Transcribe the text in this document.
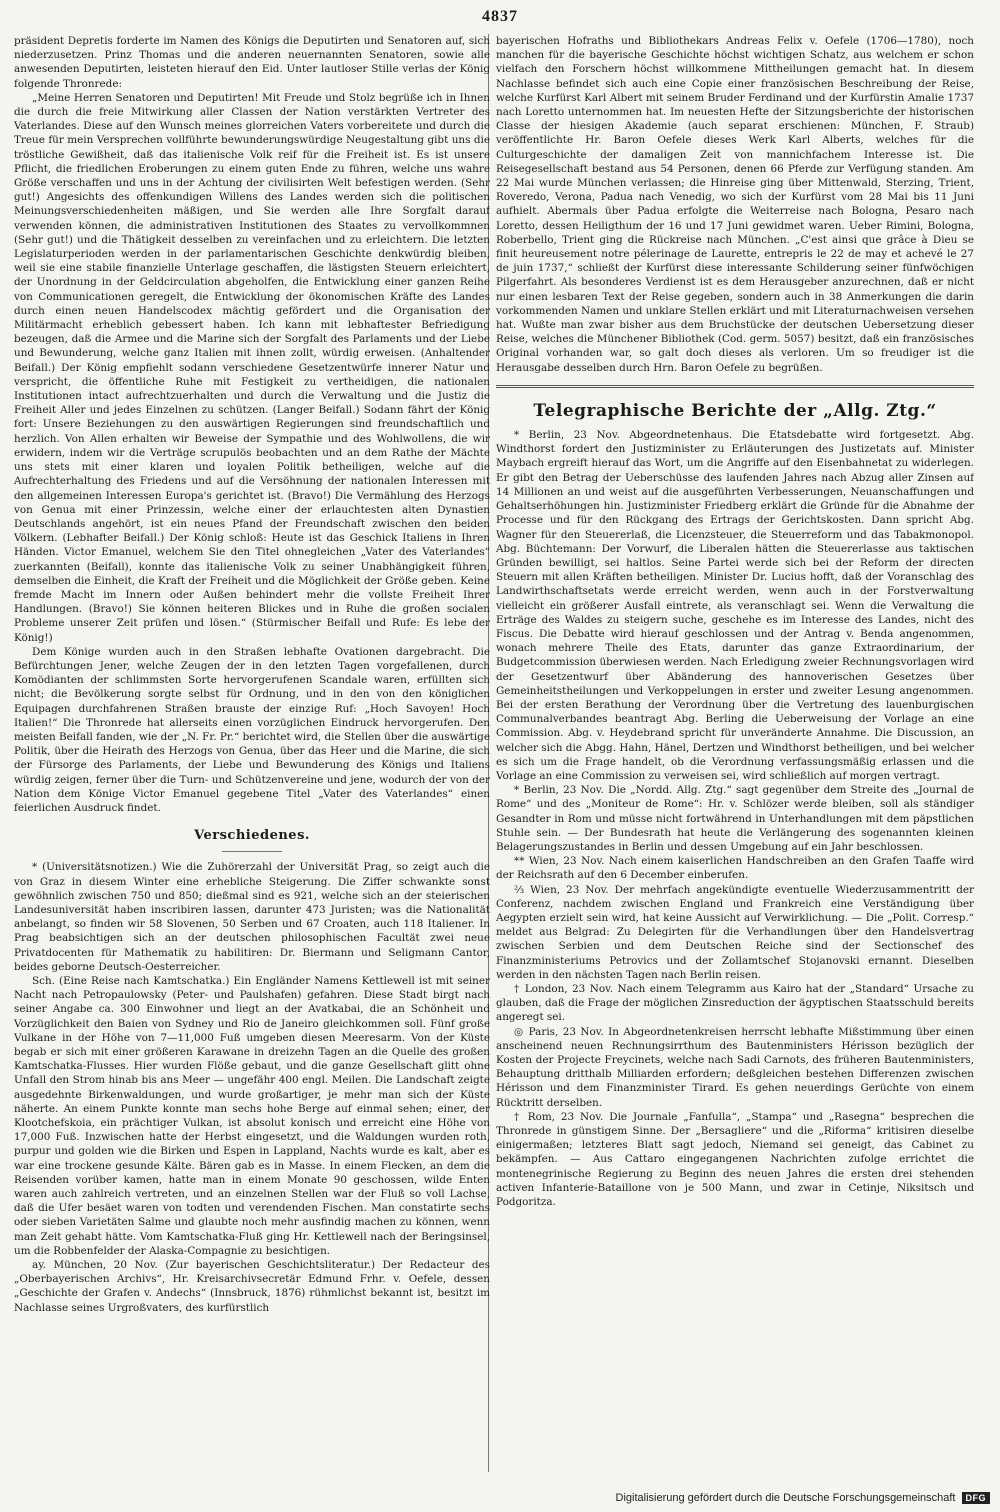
4837

präsident Depretis forderte im Namen des Königs die Deputirten und Senatoren auf, sich niederzusetzen. Prinz Thomas und die anderen neuernannten Senatoren, sowie alle anwesenden Deputirten, leisteten hierauf den Eid. Unter lautloser Stille verlas der König folgende Thronrede:

„Meine Herren Senatoren und Deputirten! Mit Freude und Stolz begrüße ich in Ihnen die durch die freie Mitwirkung aller Classen der Nation verstärkten Vertreter des Vaterlandes. Diese auf den Wunsch meines glorreichen Vaters vorbereitete und durch die Treue für mein Versprechen vollführte bewunderungswürdige Neugestaltung gibt uns die tröstliche Gewißheit, daß das italienische Volk reif für die Freiheit ist. Es ist unsere Pflicht, die friedlichen Eroberungen zu einem guten Ende zu führen, welche uns wahre Größe verschaffen und uns in der Achtung der civilisirten Welt befestigen werden. (Sehr gut!) Angesichts des offenkundigen Willens des Landes werden sich die politischen Meinungsverschiedenheiten mäßigen, und Sie werden alle Ihre Sorgfalt darauf verwenden können, die administrativen Institutionen des Staates zu vervollkommnen (Sehr gut!) und die Thätigkeit desselben zu vereinfachen und zu erleichtern. Die letzten Legislaturperioden werden in der parlamentarischen Geschichte denkwürdig bleiben, weil sie eine stabile finanzielle Unterlage geschaffen, die lästigsten Steuern erleichtert, der Unordnung in der Geldcirculation abgeholfen, die Entwicklung einer ganzen Reihe von Communicationen geregelt, die Entwicklung der ökonomischen Kräfte des Landes durch einen neuen Handelscodex mächtig gefördert und die Organisation der Militärmacht erheblich gebessert haben. Ich kann mit lebhaftester Befriedigung bezeugen, daß die Armee und die Marine sich der Sorgfalt des Parlaments und der Liebe und Bewunderung, welche ganz Italien mit ihnen zollt, würdig erweisen. (Anhaltender Beifall.) Der König empfiehlt sodann verschiedene Gesetzentwürfe innerer Natur und verspricht, die öffentliche Ruhe mit Festigkeit zu vertheidigen, die nationalen Institutionen intact aufrechtzuerhalten und durch die Verwaltung und die Justiz die Freiheit Aller und jedes Einzelnen zu schützen. (Langer Beifall.) Sodann fährt der König fort: Unsere Beziehungen zu den auswärtigen Regierungen sind freundschaftlich und herzlich. Von Allen erhalten wir Beweise der Sympathie und des Wohlwollens, die wir erwidern, indem wir die Verträge scrupulös beobachten und an dem Rathe der Mächte uns stets mit einer klaren und loyalen Politik betheiligen, welche auf die Aufrechterhaltung des Friedens und auf die Versöhnung der nationalen Interessen mit den allgemeinen Interessen Europa's gerichtet ist. (Bravo!) Die Vermählung des Herzogs von Genua mit einer Prinzessin, welche einer der erlauchtesten alten Dynastien Deutschlands angehört, ist ein neues Pfand der Freundschaft zwischen den beiden Völkern. (Lebhafter Beifall.) Der König schloß: Heute ist das Geschick Italiens in Ihren Händen. Victor Emanuel, welchem Sie den Titel ohnegleichen „Vater des Vaterlandes“ zuerkannten (Beifall), konnte das italienische Volk zu seiner Unabhängigkeit führen, demselben die Einheit, die Kraft der Freiheit und die Möglichkeit der Größe geben. Keine fremde Macht im Innern oder Außen behindert mehr die vollste Freiheit Ihrer Handlungen. (Bravo!) Sie können heiteren Blickes und in Ruhe die großen socialen Probleme unserer Zeit prüfen und lösen.“ (Stürmischer Beifall und Rufe: Es lebe der König!)

Dem Könige wurden auch in den Straßen lebhafte Ovationen dargebracht. Die Befürchtungen Jener, welche Zeugen der in den letzten Tagen vorgefallenen, durch Komödianten der schlimmsten Sorte hervorgerufenen Scandale waren, erfüllten sich nicht; die Bevölkerung sorgte selbst für Ordnung, und in den von den königlichen Equipagen durchfahrenen Straßen brauste der einzige Ruf: „Hoch Savoyen! Hoch Italien!“ Die Thronrede hat allerseits einen vorzüglichen Eindruck hervorgerufen. Den meisten Beifall fanden, wie der „N. Fr. Pr.“ berichtet wird, die Stellen über die auswärtige Politik, über die Heirath des Herzogs von Genua, über das Heer und die Marine, die sich der Fürsorge des Parlaments, der Liebe und Bewunderung des Königs und Italiens würdig zeigen, ferner über die Turn- und Schützenvereine und jene, wodurch der von der Nation dem Könige Victor Emanuel gegebene Titel „Vater des Vaterlandes“ einen feierlichen Ausdruck findet.

Verschiedenes.

* (Universitätsnotizen.) Wie die Zuhörerzahl der Universität Prag, so zeigt auch die von Graz in diesem Winter eine erhebliche Steigerung. Die Ziffer schwankte sonst gewöhnlich zwischen 750 und 850; dießmal sind es 921, welche sich an der steierischen Landesuniversität haben inscribiren lassen, darunter 473 Juristen; was die Nationalität anbelangt, so finden wir 58 Slovenen, 50 Serben und 67 Croaten, auch 118 Italiener. In Prag beabsichtigen sich an der deutschen philosophischen Facultät zwei neue Privatdocenten für Mathematik zu habilitiren: Dr. Biermann und Seligmann Cantor, beides geborne Deutsch-Oesterreicher.

Sch. (Eine Reise nach Kamtschatka.) Ein Engländer Namens Kettlewell ist mit seiner Nacht nach Petropaulowsky (Peter- und Paulshafen) gefahren. Diese Stadt birgt nach seiner Angabe ca. 300 Einwohner und liegt an der Avatkabai, die an Schönheit und Vorzüglichkeit den Baien von Sydney und Rio de Janeiro gleichkommen soll. Fünf große Vulkane in der Höhe von 7—11,000 Fuß umgeben diesen Meeresarm. Von der Küste begab er sich mit einer größeren Karawane in dreizehn Tagen an die Quelle des großen Kamtschatka-Flusses. Hier wurden Flöße gebaut, und die ganze Gesellschaft glitt ohne Unfall den Strom hinab bis ans Meer — ungefähr 400 engl. Meilen. Die Landschaft zeigte ausgedehnte Birkenwaldungen, und wurde großartiger, je mehr man sich der Küste näherte. An einem Punkte konnte man sechs hohe Berge auf einmal sehen; einer, der Klootchefskoia, ein prächtiger Vulkan, ist absolut konisch und erreicht eine Höhe von 17,000 Fuß. Inzwischen hatte der Herbst eingesetzt, und die Waldungen wurden roth, purpur und golden wie die Birken und Espen in Lappland, Nachts wurde es kalt, aber es war eine trockene gesunde Kälte. Bären gab es in Masse. In einem Flecken, an dem die Reisenden vorüber kamen, hatte man in einem Monate 90 geschossen, wilde Enten waren auch zahlreich vertreten, und an einzelnen Stellen war der Fluß so voll Lachse, daß die Ufer besäet waren von todten und verendenden Fischen. Man constatirte sechs oder sieben Varietäten Salme und glaubte noch mehr ausfindig machen zu können, wenn man Zeit gehabt hätte. Vom Kamtschatka-Fluß ging Hr. Kettlewell nach der Beringsinsel, um die Robbenfelder der Alaska-Compagnie zu besichtigen.

ay. München, 20 Nov. (Zur bayerischen Geschichtsliteratur.) Der Redacteur des „Oberbayerischen Archivs“, Hr. Kreisarchivsecretär Edmund Frhr. v. Oefele, dessen „Geschichte der Grafen v. Andechs“ (Innsbruck, 1876) rühmlichst bekannt ist, besitzt im Nachlasse seines Urgroßvaters, des kurfürstlich

bayerischen Hofraths und Bibliothekars Andreas Felix v. Oefele (1706—1780), noch manchen für die bayerische Geschichte höchst wichtigen Schatz, aus welchem er schon vielfach den Forschern höchst willkommene Mittheilungen gemacht hat. In diesem Nachlasse befindet sich auch eine Copie einer französischen Beschreibung der Reise, welche Kurfürst Karl Albert mit seinem Bruder Ferdinand und der Kurfürstin Amalie 1737 nach Loretto unternommen hat. Im neuesten Hefte der Sitzungsberichte der historischen Classe der hiesigen Akademie (auch separat erschienen: München, F. Straub) veröffentlichte Hr. Baron Oefele dieses Werk Karl Alberts, welches für die Culturgeschichte der damaligen Zeit von mannichfachem Interesse ist. Die Reisegesellschaft bestand aus 54 Personen, denen 66 Pferde zur Verfügung standen. Am 22 Mai wurde München verlassen; die Hinreise ging über Mittenwald, Sterzing, Trient, Roveredo, Verona, Padua nach Venedig, wo sich der Kurfürst vom 28 Mai bis 11 Juni aufhielt. Abermals über Padua erfolgte die Weiterreise nach Bologna, Pesaro nach Loretto, dessen Heiligthum der 16 und 17 Juni gewidmet waren. Ueber Rimini, Bologna, Roberbello, Trient ging die Rückreise nach München. „C'est ainsi que grâce à Dieu se finit heureusement notre pélerinage de Laurette, entrepris le 22 de may et achevé le 27 de juin 1737,“ schließt der Kurfürst diese interessante Schilderung seiner fünfwöchigen Pilgerfahrt. Als besonderes Verdienst ist es dem Herausgeber anzurechnen, daß er nicht nur einen lesbaren Text der Reise gegeben, sondern auch in 38 Anmerkungen die darin vorkommenden Namen und unklare Stellen erklärt und mit Literaturnachweisen versehen hat. Wußte man zwar bisher aus dem Bruchstücke der deutschen Uebersetzung dieser Reise, welches die Münchener Bibliothek (Cod. germ. 5057) besitzt, daß ein französisches Original vorhanden war, so galt doch dieses als verloren. Um so freudiger ist die Herausgabe desselben durch Hrn. Baron Oefele zu begrüßen.

Telegraphische Berichte der „Allg. Ztg.“

* Berlin, 23 Nov. Abgeordnetenhaus. Die Etatsdebatte wird fortgesetzt. Abg. Windthorst fordert den Justizminister zu Erläuterungen des Justizetats auf. Minister Maybach ergreift hierauf das Wort, um die Angriffe auf den Eisenbahnetat zu widerlegen. Er gibt den Betrag der Ueberschüsse des laufenden Jahres nach Abzug aller Zinsen auf 14 Millionen an und weist auf die ausgeführten Verbesserungen, Neuanschaffungen und Gehaltserhöhungen hin. Justizminister Friedberg erklärt die Gründe für die Abnahme der Processe und für den Rückgang des Ertrags der Gerichtskosten. Dann spricht Abg. Wagner für den Steuererlaß, die Licenzsteuer, die Steuerreform und das Tabakmonopol. Abg. Büchtemann: Der Vorwurf, die Liberalen hätten die Steuererlasse aus taktischen Gründen bewilligt, sei haltlos. Seine Partei werde sich bei der Reform der directen Steuern mit allen Kräften betheiligen. Minister Dr. Lucius hofft, daß der Voranschlag des Landwirthschaftsetats werde erreicht werden, wenn auch in der Forstverwaltung vielleicht ein größerer Ausfall eintrete, als veranschlagt sei. Wenn die Verwaltung die Erträge des Waldes zu steigern suche, geschehe es im Interesse des Landes, nicht des Fiscus. Die Debatte wird hierauf geschlossen und der Antrag v. Benda angenommen, wonach mehrere Theile des Etats, darunter das ganze Extraordinarium, der Budgetcommission überwiesen werden. Nach Erledigung zweier Rechnungsvorlagen wird der Gesetzentwurf über Abänderung des hannoverischen Gesetzes über Gemeinheitstheilungen und Verkoppelungen in erster und zweiter Lesung angenommen. Bei der ersten Berathung der Verordnung über die Vertretung des lauenburgischen Communalverbandes beantragt Abg. Berling die Ueberweisung der Vorlage an eine Commission. Abg. v. Heydebrand spricht für unveränderte Annahme. Die Discussion, an welcher sich die Abgg. Hahn, Hänel, Dertzen und Windthorst betheiligen, und bei welcher es sich um die Frage handelt, ob die Verordnung verfassungsmäßig erlassen und die Vorlage an eine Commission zu verweisen sei, wird schließlich auf morgen vertragt.

* Berlin, 23 Nov. Die „Nordd. Allg. Ztg.“ sagt gegenüber dem Streite des „Journal de Rome“ und des „Moniteur de Rome“: Hr. v. Schlözer werde bleiben, soll als ständiger Gesandter in Rom und müsse nicht fortwährend in Unterhandlungen mit dem päpstlichen Stuhle sein. — Der Bundesrath hat heute die Verlängerung des sogenannten kleinen Belagerungszustandes in Berlin und dessen Umgebung auf ein Jahr beschlossen.

** Wien, 23 Nov. Nach einem kaiserlichen Handschreiben an den Grafen Taaffe wird der Reichsrath auf den 6 December einberufen.

⅔ Wien, 23 Nov. Der mehrfach angekündigte eventuelle Wiederzusammentritt der Conferenz, nachdem zwischen England und Frankreich eine Verständigung über Aegypten erzielt sein wird, hat keine Aussicht auf Verwirklichung. — Die „Polit. Corresp.“ meldet aus Belgrad: Zu Delegirten für die Verhandlungen über den Handelsvertrag zwischen Serbien und dem Deutschen Reiche sind der Sectionschef des Finanzministeriums Petrovics und der Zollamtschef Stojanovski ernannt. Dieselben werden in den nächsten Tagen nach Berlin reisen.

† London, 23 Nov. Nach einem Telegramm aus Kairo hat der „Standard“ Ursache zu glauben, daß die Frage der möglichen Zinsreduction der ägyptischen Staatsschuld bereits angeregt sei.

◎ Paris, 23 Nov. In Abgeordnetenkreisen herrscht lebhafte Mißstimmung über einen anscheinend neuen Rechnungsirrthum des Bautenministers Hérisson bezüglich der Kosten der Projecte Freycinets, welche nach Sadi Carnots, des früheren Bautenministers, Behauptung dritthalb Milliarden erfordern; deßgleichen bestehen Differenzen zwischen Hérisson und dem Finanzminister Tirard. Es gehen neuerdings Gerüchte von einem Rücktritt derselben.

† Rom, 23 Nov. Die Journale „Fanfulla“, „Stampa“ und „Rasegna“ besprechen die Thronrede in günstigem Sinne. Der „Bersagliere“ und die „Riforma“ kritisiren dieselbe einigermaßen; letzteres Blatt sagt jedoch, Niemand sei geneigt, das Cabinet zu bekämpfen. — Aus Cattaro eingegangenen Nachrichten zufolge errichtet die montenegrinische Regierung zu Beginn des neuen Jahres die ersten drei stehenden activen Infanterie-Bataillone von je 500 Mann, und zwar in Cetinje, Niksitsch und Podgoritza.

Digitalisierung gefördert durch die Deutsche Forschungsgemeinschaft	DFG
